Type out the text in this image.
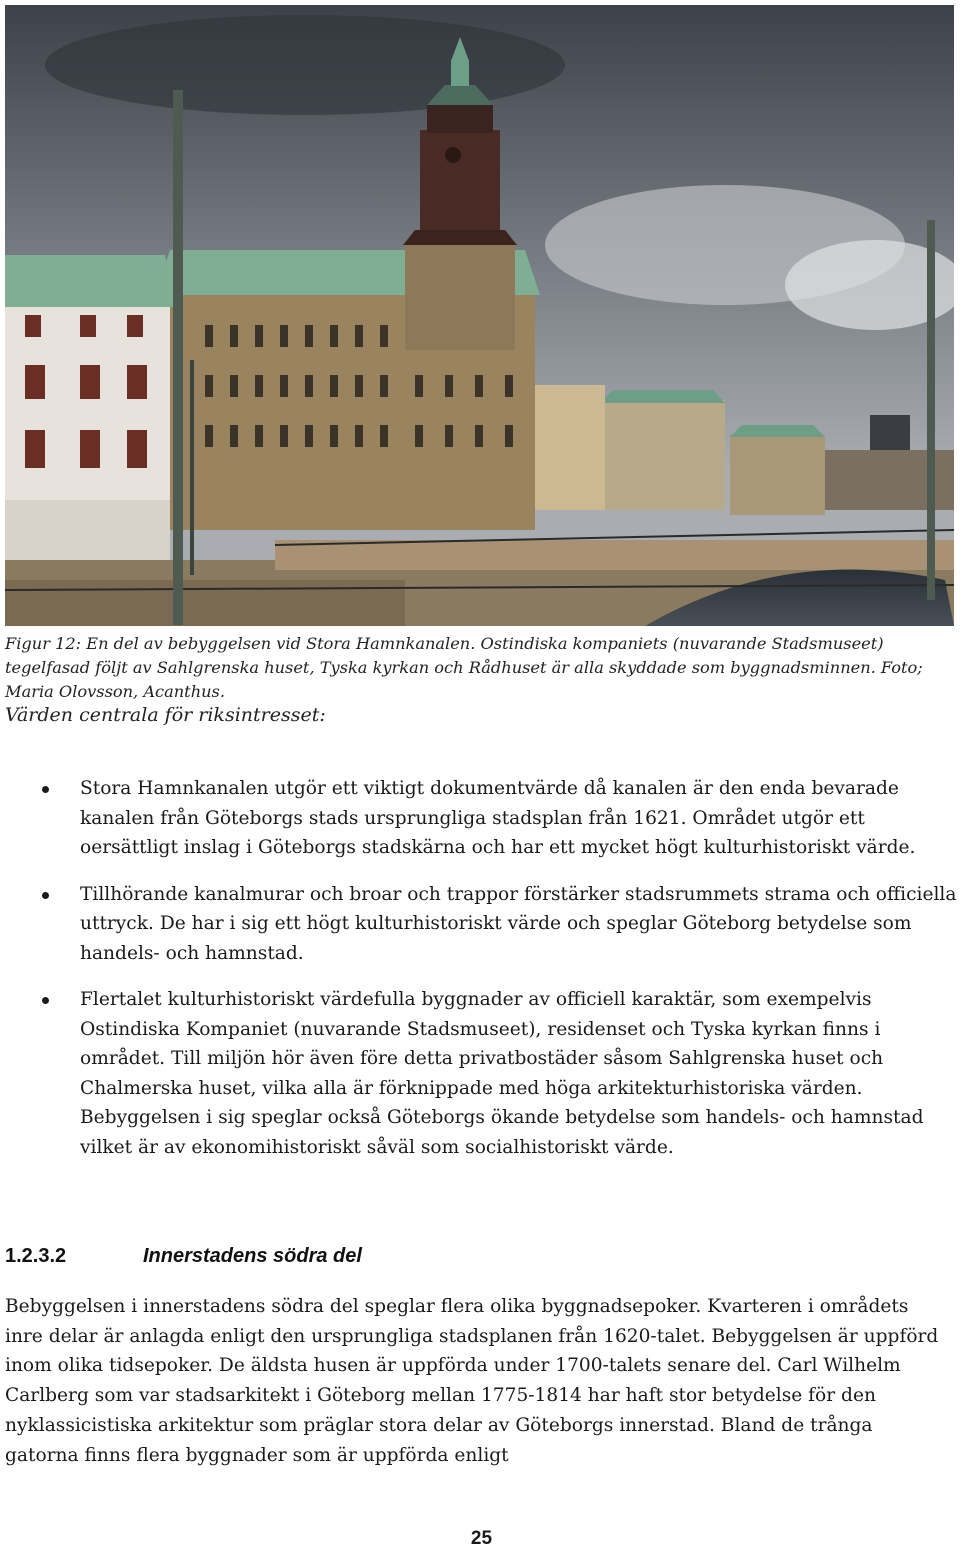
Figur 12: En del av bebyggelsen vid Stora Hamnkanalen. Ostindiska kompaniets (nuvarande Stadsmuseet) tegelfasad följt av Sahlgrenska huset, Tyska kyrkan och Rådhuset är alla skyddade som byggnadsminnen. Foto; Maria Olovsson, Acanthus.
Värden centrala för riksintresset:
Stora Hamnkanalen utgör ett viktigt dokumentvärde då kanalen är den enda bevarade kanalen från Göteborgs stads ursprungliga stadsplan från 1621. Området utgör ett oersättligt inslag i Göteborgs stadskärna och har ett mycket högt kulturhistoriskt värde.
Tillhörande kanalmurar och broar och trappor förstärker stadsrummets strama och officiella uttryck. De har i sig ett högt kulturhistoriskt värde och speglar Göteborg betydelse som handels- och hamnstad.
Flertalet kulturhistoriskt värdefulla byggnader av officiell karaktär, som exempelvis Ostindiska Kompaniet (nuvarande Stadsmuseet), residenset och Tyska kyrkan finns i området. Till miljön hör även före detta privatbostäder såsom Sahlgrenska huset och Chalmerska huset, vilka alla är förknippade med höga arkitekturhistoriska värden. Bebyggelsen i sig speglar också Göteborgs ökande betydelse som handels- och hamnstad vilket är av ekonomihistoriskt såväl som socialhistoriskt värde.
1.2.3.2	Innerstadens södra del
Bebyggelsen i innerstadens södra del speglar flera olika byggnadsepoker. Kvarteren i områdets inre delar är anlagda enligt den ursprungliga stadsplanen från 1620-talet. Bebyggelsen är uppförd inom olika tidsepoker. De äldsta husen är uppförda under 1700-talets senare del. Carl Wilhelm Carlberg som var stadsarkitekt i Göteborg mellan 1775-1814 har haft stor betydelse för den nyklassicistiska arkitektur som präglar stora delar av Göteborgs innerstad. Bland de trånga gatorna finns flera byggnader som är uppförda enligt
25
